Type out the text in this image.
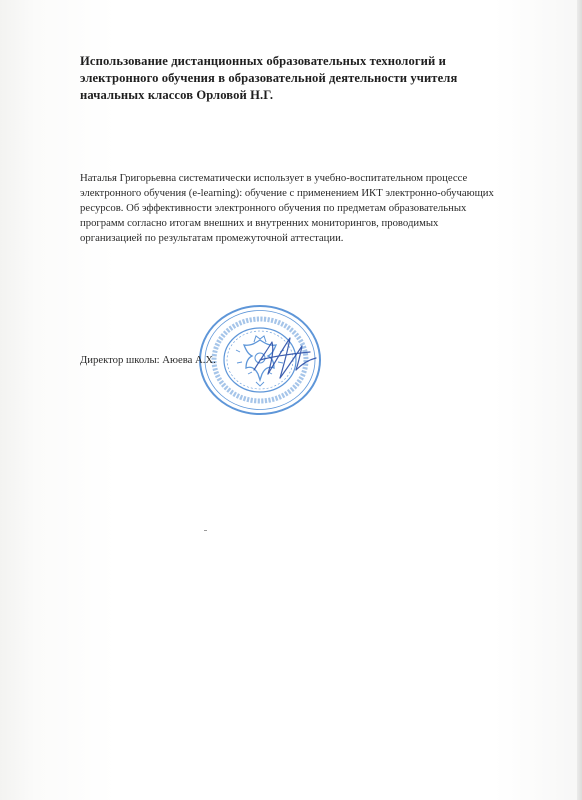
Использование дистанционных образовательных технологий и
электронного обучения в образовательной деятельности учителя
начальных классов Орловой Н.Г.
Наталья Григорьевна систематически использует в учебно-воспитательном процессе
электронного обучения (e-learning): обучение с применением ИКТ электронно-обучающих
ресурсов. Об эффективности электронного обучения по предметам образовательных
программ согласно итогам внешних и внутренних мониторингов, проводимых
организацией по результатам промежуточной аттестации.
Директор школы: Аюева А.Х.
